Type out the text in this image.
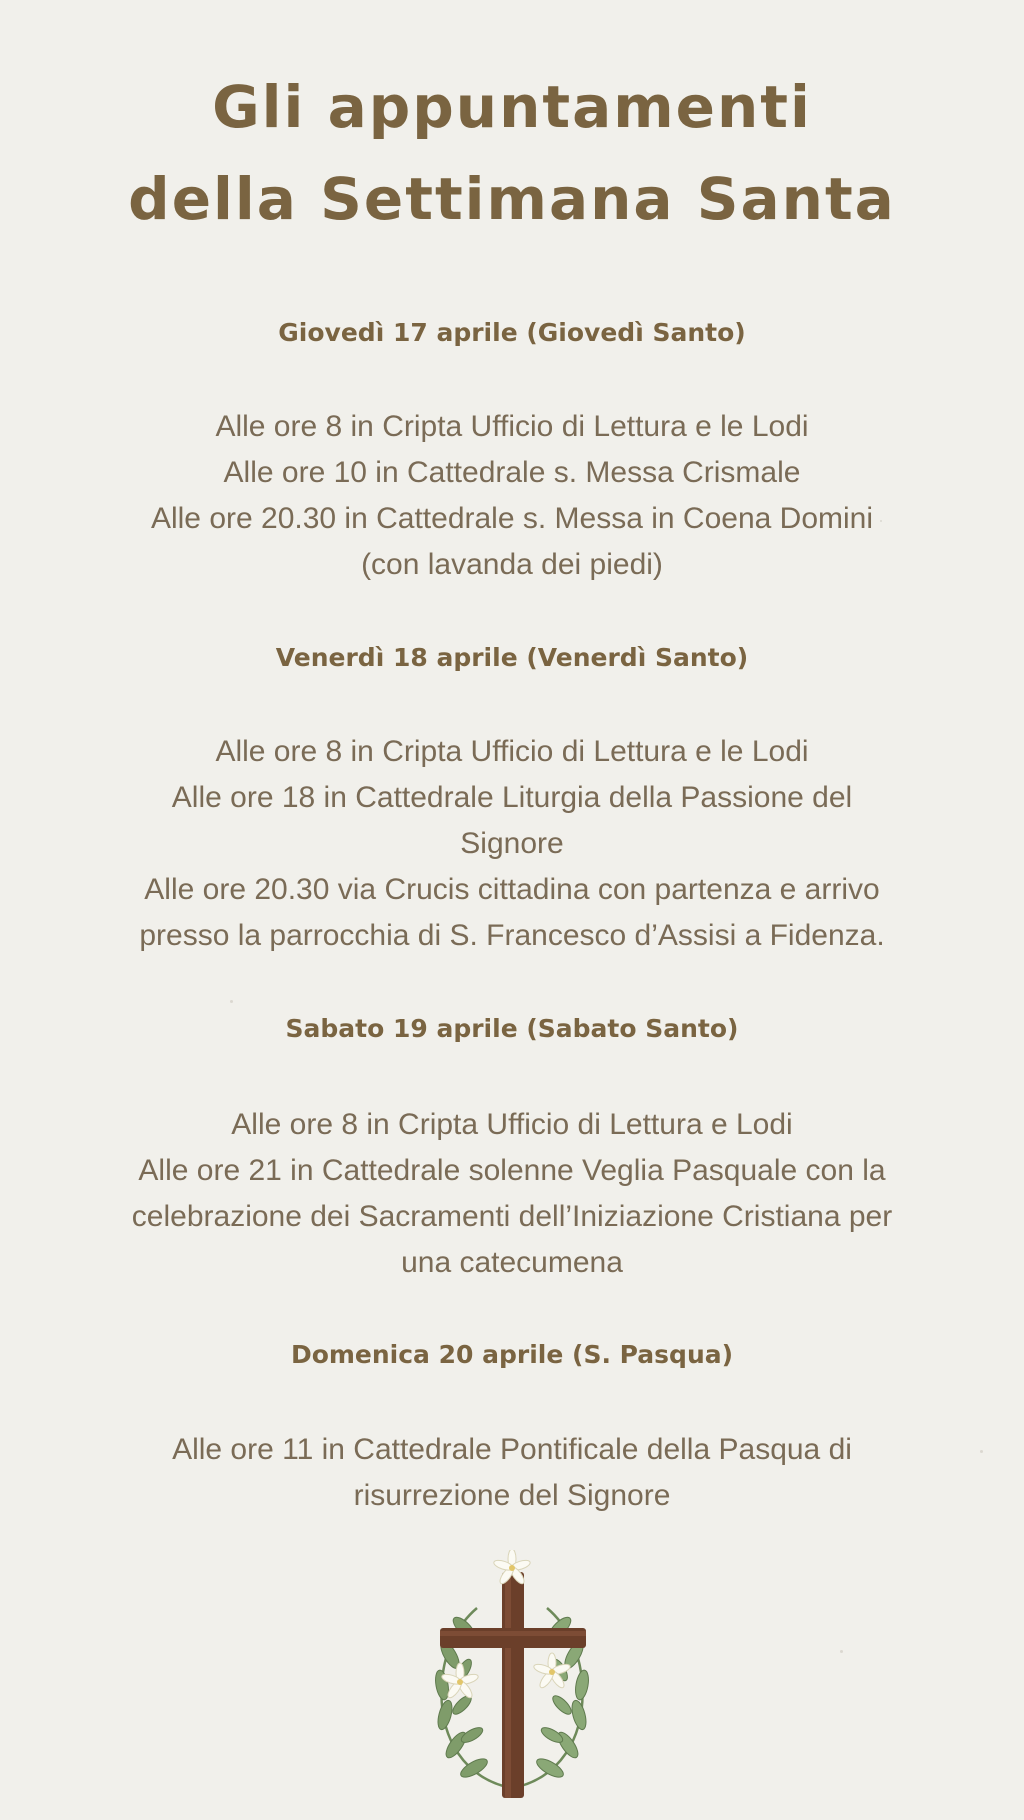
Gli appuntamenti
della Settimana Santa
Giovedì 17 aprile (Giovedì Santo)

Alle ore 8 in Cripta Ufficio di Lettura e le Lodi

Alle ore 10 in Cattedrale s. Messa Crismale

Alle ore 20.30 in Cattedrale s. Messa in Coena Domini

(con lavanda dei piedi)

Venerdì 18 aprile (Venerdì Santo)

Alle ore 8 in Cripta Ufficio di Lettura e le Lodi

Alle ore 18 in Cattedrale Liturgia della Passione del

Signore

Alle ore 20.30 via Crucis cittadina con partenza e arrivo

presso la parrocchia di S. Francesco d’Assisi a Fidenza.

Sabato 19 aprile (Sabato Santo)

Alle ore 8 in Cripta Ufficio di Lettura e Lodi

Alle ore 21 in Cattedrale solenne Veglia Pasquale con la

celebrazione dei Sacramenti dell’Iniziazione Cristiana per

una catecumena

Domenica 20 aprile (S. Pasqua)

Alle ore 11 in Cattedrale Pontificale della Pasqua di

risurrezione del Signore
